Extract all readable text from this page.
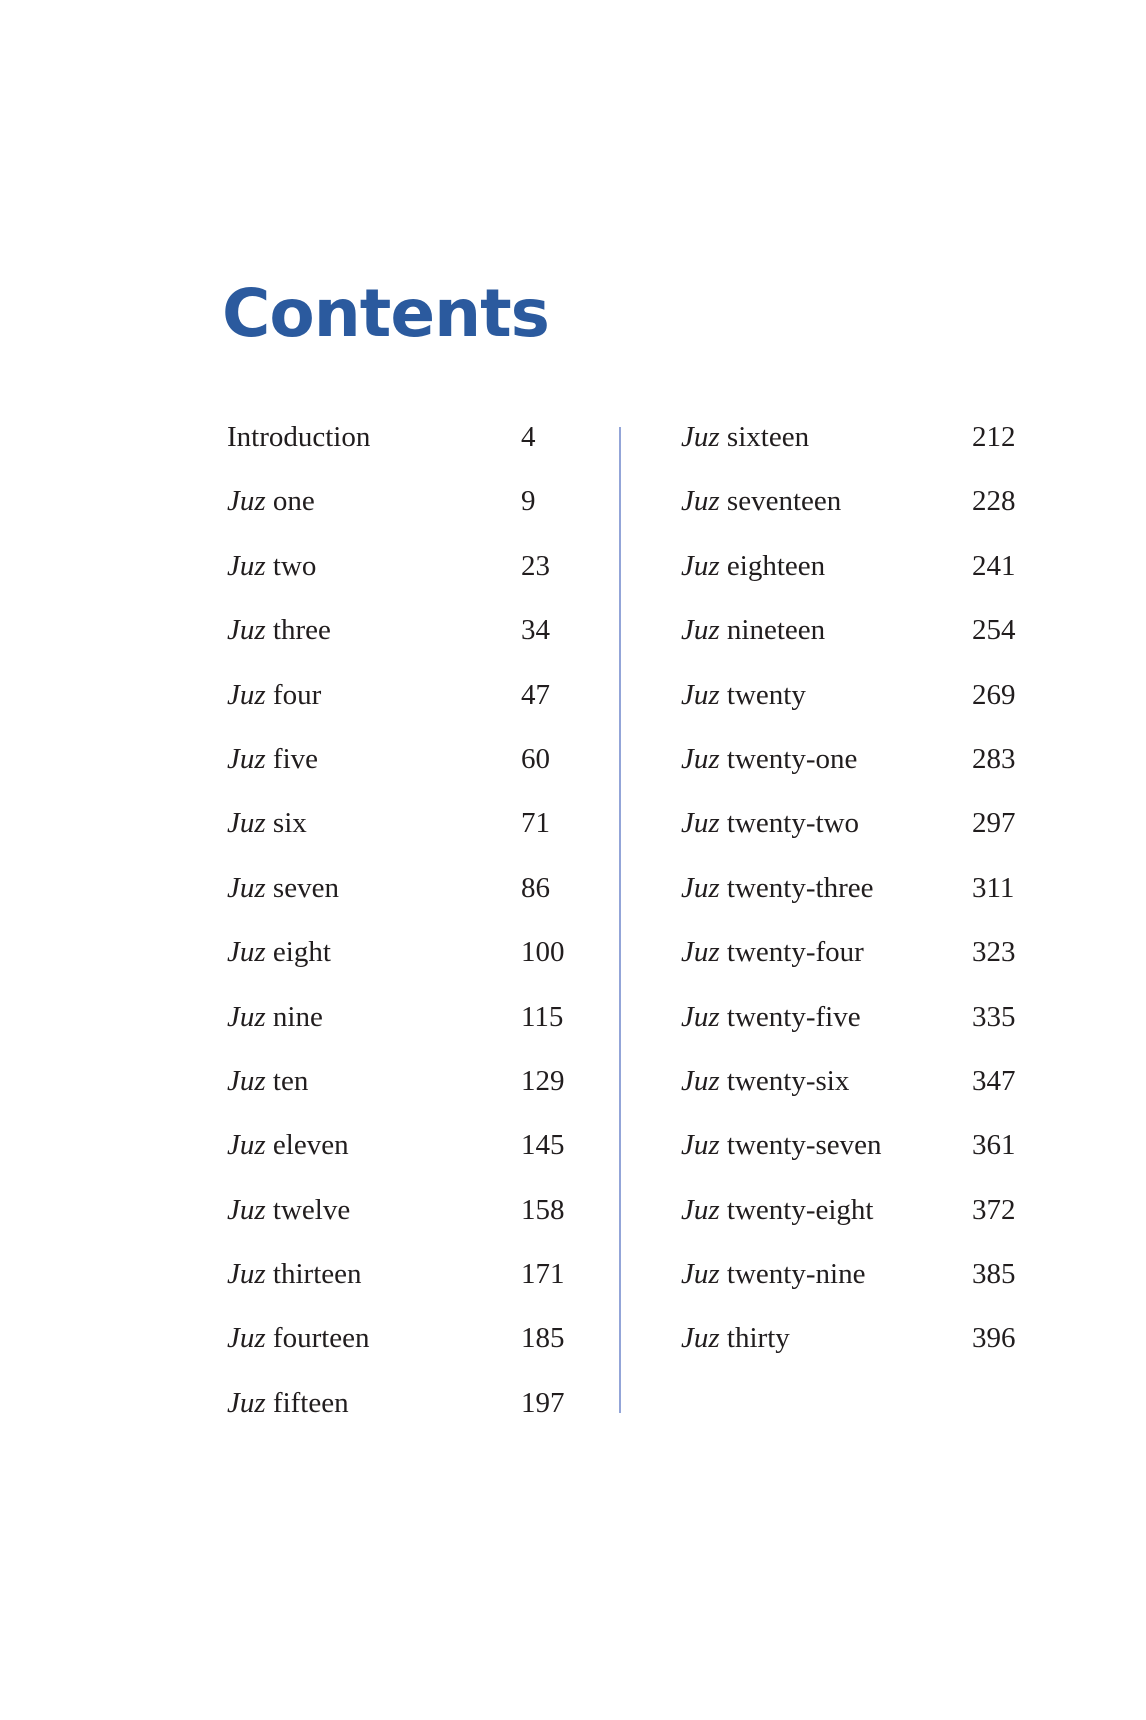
Contents
Introduction	4
Juz one	9
Juz two	23
Juz three	34
Juz four	47
Juz five	60
Juz six	71
Juz seven	86
Juz eight	100
Juz nine	115
Juz ten	129
Juz eleven	145
Juz twelve	158
Juz thirteen	171
Juz fourteen	185
Juz fifteen	197
Juz sixteen	212
Juz seventeen	228
Juz eighteen	241
Juz nineteen	254
Juz twenty	269
Juz twenty-one	283
Juz twenty-two	297
Juz twenty-three	311
Juz twenty-four	323
Juz twenty-five	335
Juz twenty-six	347
Juz twenty-seven	361
Juz twenty-eight	372
Juz twenty-nine	385
Juz thirty	396
